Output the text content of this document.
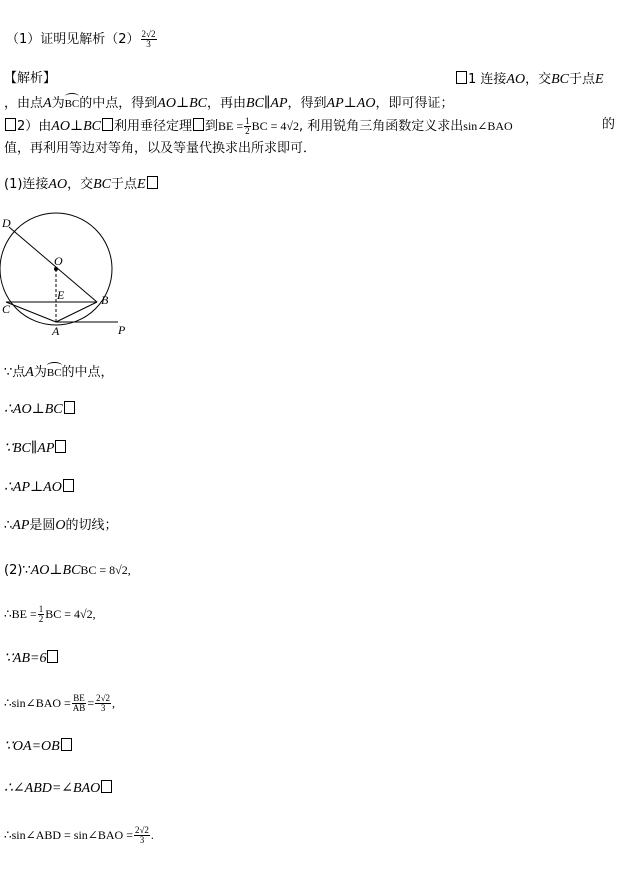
（1）证明见解析$(2) \frac{2√2}{3}$
【解析】	1 连接AO，交BC于点E
，由点A为BC的中点，得到AO⊥BC，再由BC∥AP，得到AP⊥AO，即可得证；
2）由AO⊥BC 利用垂径定理 到BE = $\frac{1}{2}$ BC = 4√2, 利用锐角三角函数定义求出sin∠BAO	的
值，再利用等边对等角，以及等量代换求出所求即可．
(1)连接AO，交BC于点E
D
O
E	B
C
A	P
∵点A为BC的中点，
∴AO⊥BC
∵BC∥AP
∴AP⊥AO
∴AP是圆O的切线；
(2)∵AO⊥BCBC = 8√2,
∴BE = $\frac{1}{2}$ BC = 4√2,
∵AB=6
∴sin∠BAO = $\frac{BE}{AB} = \frac{2√2}{3}$ ,
∵OA=OB
∴∠ABD=∠BAO
∴sin∠ABD = sin∠BAO = $\frac{2√2}{3}$ .
